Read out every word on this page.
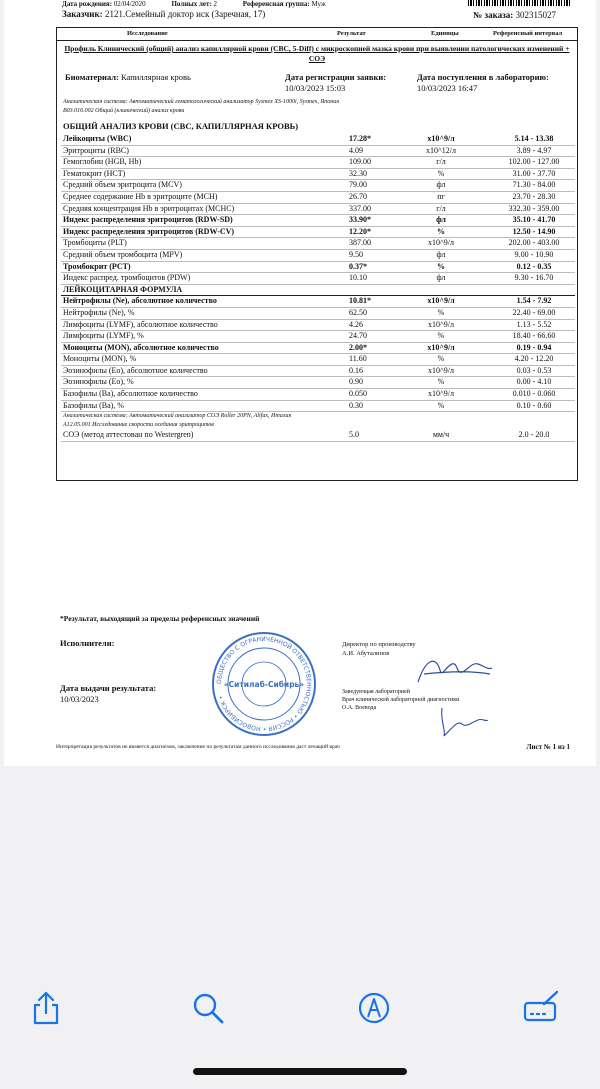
Дата рождения: 02/04/2020	Полных лет: 2	Референсная группа: Муж
Заказчик: 2121.Семейный доктор иск (Заречная, 17)	№ заказа: 302315027
Исследование	Результат	Единицы	Референсный интервал
Профиль Клинический (общий) анализ капиллярной крови (CBC, 5-Diff) с микроскопией мазка крови при выявлении патологических изменений + СОЭ
Биоматериал: Капиллярная кровь	Дата регистрации заявки:
10/03/2023 15:03
Дата поступления в лабораторию:
10/03/2023 16:47
Аналитическая система: Автоматический гематологический анализатор Sysmex XS-1000i, Sysmex, Япония
B03.016.002 Общий (клинический) анализ крови
ОБЩИЙ АНАЛИЗ КРОВИ (CBC, КАПИЛЛЯРНАЯ КРОВЬ)
Лейкоциты (WBC)	17.28*	x10^9/л	5.14 - 13.38
Эритроциты (RBC)	4.09	x10^12/л	3.89 - 4.97
Гемоглобин (HGB, Hb)	109.00	г/л	102.00 - 127.00
Гематокрит (HCT)	32.30	%	31.00 - 37.70
Средний объем эритроцита (MCV)	79.00	фл	71.30 - 84.00
Среднее содержание Hb в эритроците (MCH)	26.70	пг	23.70 - 28.30
Средняя концентрация Hb в эритроцитах (MCHC)	337.00	г/л	332.30 - 359.00
Индекс распределения эритроцитов (RDW-SD)	33.90*	фл	35.10 - 41.70
Индекс распределения эритроцитов (RDW-CV)	12.20*	%	12.50 - 14.90
Тромбоциты (PLT)	387.00	x10^9/л	202.00 - 403.00
Средний объем тромбоцита (MPV)	9.50	фл	9.00 - 10.90
Тромбокрит (PCT)	0.37*	%	0.12 - 0.35
Индекс распред. тромбоцитов (PDW)	10.10	фл	9.30 - 16.70
ЛЕЙКОЦИТАРНАЯ ФОРМУЛА
Нейтрофилы (Ne), абсолютное количество	10.81*	x10^9/л	1.54 - 7.92
Нейтрофилы (Ne), %	62.50	%	22.40 - 69.00
Лимфоциты (LYMF), абсолютное количество	4.26	x10^9/л	1.13 - 5.52
Лимфоциты (LYMF), %	24.70	%	18.40 - 66.60
Моноциты (MON), абсолютное количество	2.00*	x10^9/л	0.19 - 0.94
Моноциты (MON), %	11.60	%	4.20 - 12.20
Эозинофилы (Eo), абсолютное количество	0.16	x10^9/л	0.03 - 0.53
Эозинофилы (Eo), %	0.90	%	0.00 - 4.10
Базофилы (Ba), абсолютное количество	0.050	x10^9/л	0.010 - 0.060
Базофилы (Ba), %	0.30	%	0.10 - 0.60
Аналитическая система: Автоматический анализатор СОЭ Roller 20PN, Alifax, Италия
A12.05.001 Исследование скорости оседания эритроцитов
СОЭ (метод аттестован по Westergren)	5.0	мм/ч	2.0 - 20.0
*Результат, выходящий за пределы референсных значений
Исполнители:
Дата выдачи результата:
10/03/2023
Директор по производству
А.И. Абуталипов
Заведующая лабораторией
Врач клинической лабораторной диагностики
О.А. Воевода
ОБЩЕСТВО С ОГРАНИЧЕННОЙ ОТВЕТСТВЕННОСТЬЮ • РОССИЯ • НОВОСИБИРСК •
«Ситилаб-Сибирь»
Интерпретация результатов не является диагнозом, заключение по результатам данного исследования даст лечащий врач	Лист № 1 из 1
